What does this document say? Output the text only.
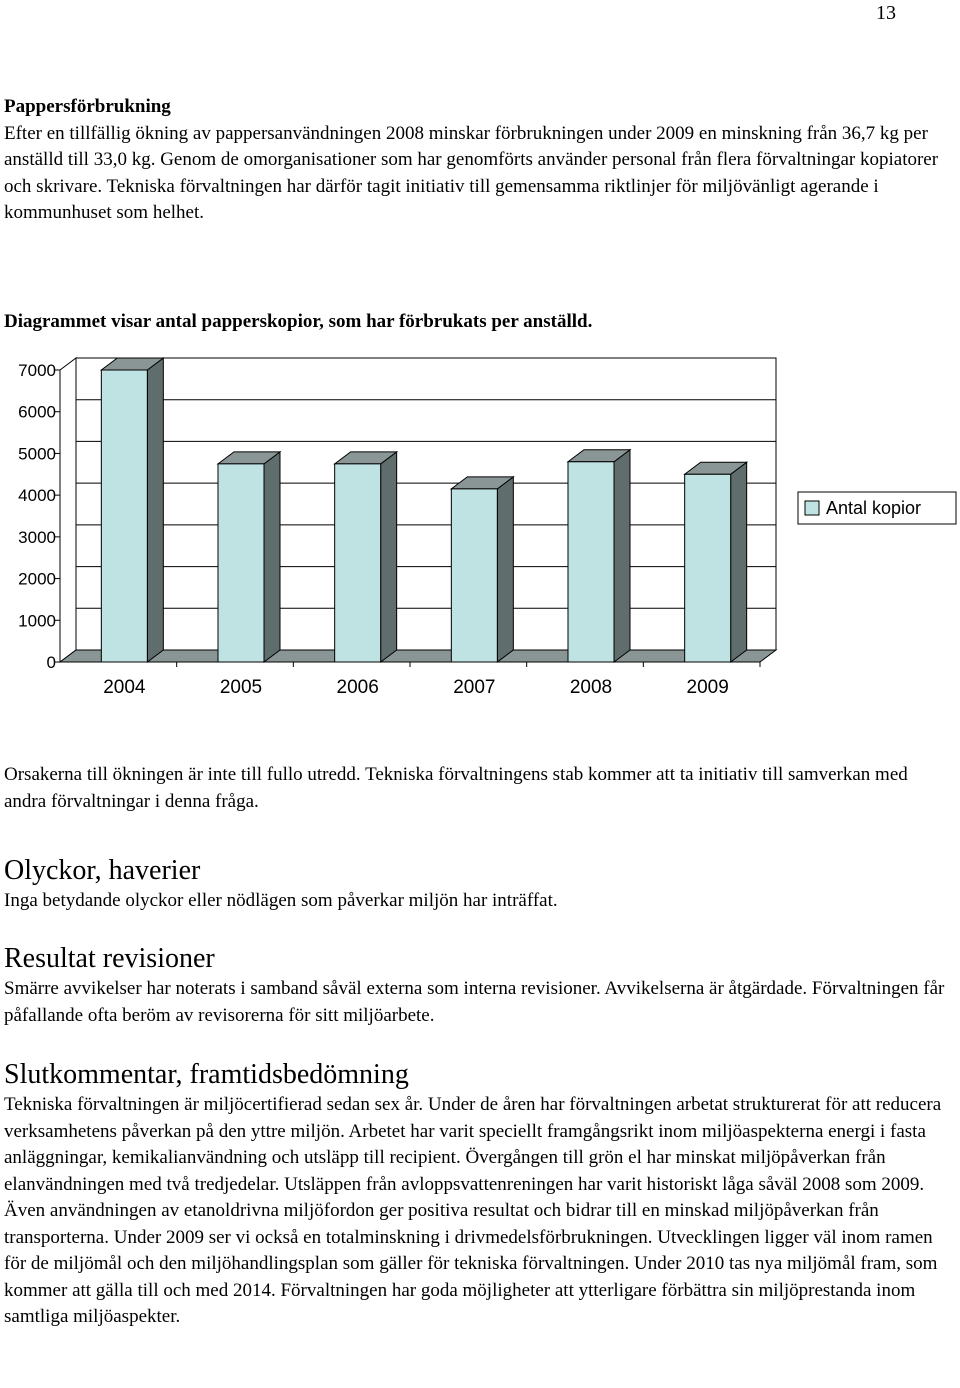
13
Pappersförbrukning
Efter en tillfällig ökning av pappersanvändningen 2008 minskar förbrukningen under 2009 en minskning från 36,7 kg per anställd till 33,0 kg. Genom de omorganisationer som har genomförts använder personal från flera förvaltningar kopiatorer och skrivare. Tekniska förvaltningen har därför tagit initiativ till gemensamma riktlinjer för miljövänligt agerande i kommunhuset som helhet.
Diagrammet visar antal papperskopior, som har förbrukats per anställd.
0
1000
2000
3000
4000
5000
6000
7000
2004	2005	2006	2007	2008	2009
Antal kopior
Orsakerna till ökningen är inte till fullo utredd. Tekniska förvaltningens stab kommer att ta initiativ till samverkan med andra förvaltningar i denna fråga.
Olyckor, haverier
Inga betydande olyckor eller nödlägen som påverkar miljön har inträffat.
Resultat revisioner
Smärre avvikelser har noterats i samband såväl externa som interna revisioner. Avvikelserna är åtgärdade. Förvaltningen får påfallande ofta beröm av revisorerna för sitt miljöarbete.
Slutkommentar, framtidsbedömning
Tekniska förvaltningen är miljöcertifierad sedan sex år. Under de åren har förvaltningen arbetat strukturerat för att reducera verksamhetens påverkan på den yttre miljön. Arbetet har varit speciellt framgångsrikt inom miljöaspekterna energi i fasta anläggningar, kemikalianvändning och utsläpp till recipient. Övergången till grön el har minskat miljöpåverkan från elanvändningen med två tredjedelar. Utsläppen från avloppsvattenreningen har varit historiskt låga såväl 2008 som 2009. Även användningen av etanoldrivna miljöfordon ger positiva resultat och bidrar till en minskad miljöpåverkan från transporterna. Under 2009 ser vi också en totalminskning i drivmedelsförbrukningen. Utvecklingen ligger väl inom ramen för de miljömål och den miljöhandlingsplan som gäller för tekniska förvaltningen. Under 2010 tas nya miljömål fram, som kommer att gälla till och med 2014. Förvaltningen har goda möjligheter att ytterligare förbättra sin miljöprestanda inom samtliga miljöaspekter.
